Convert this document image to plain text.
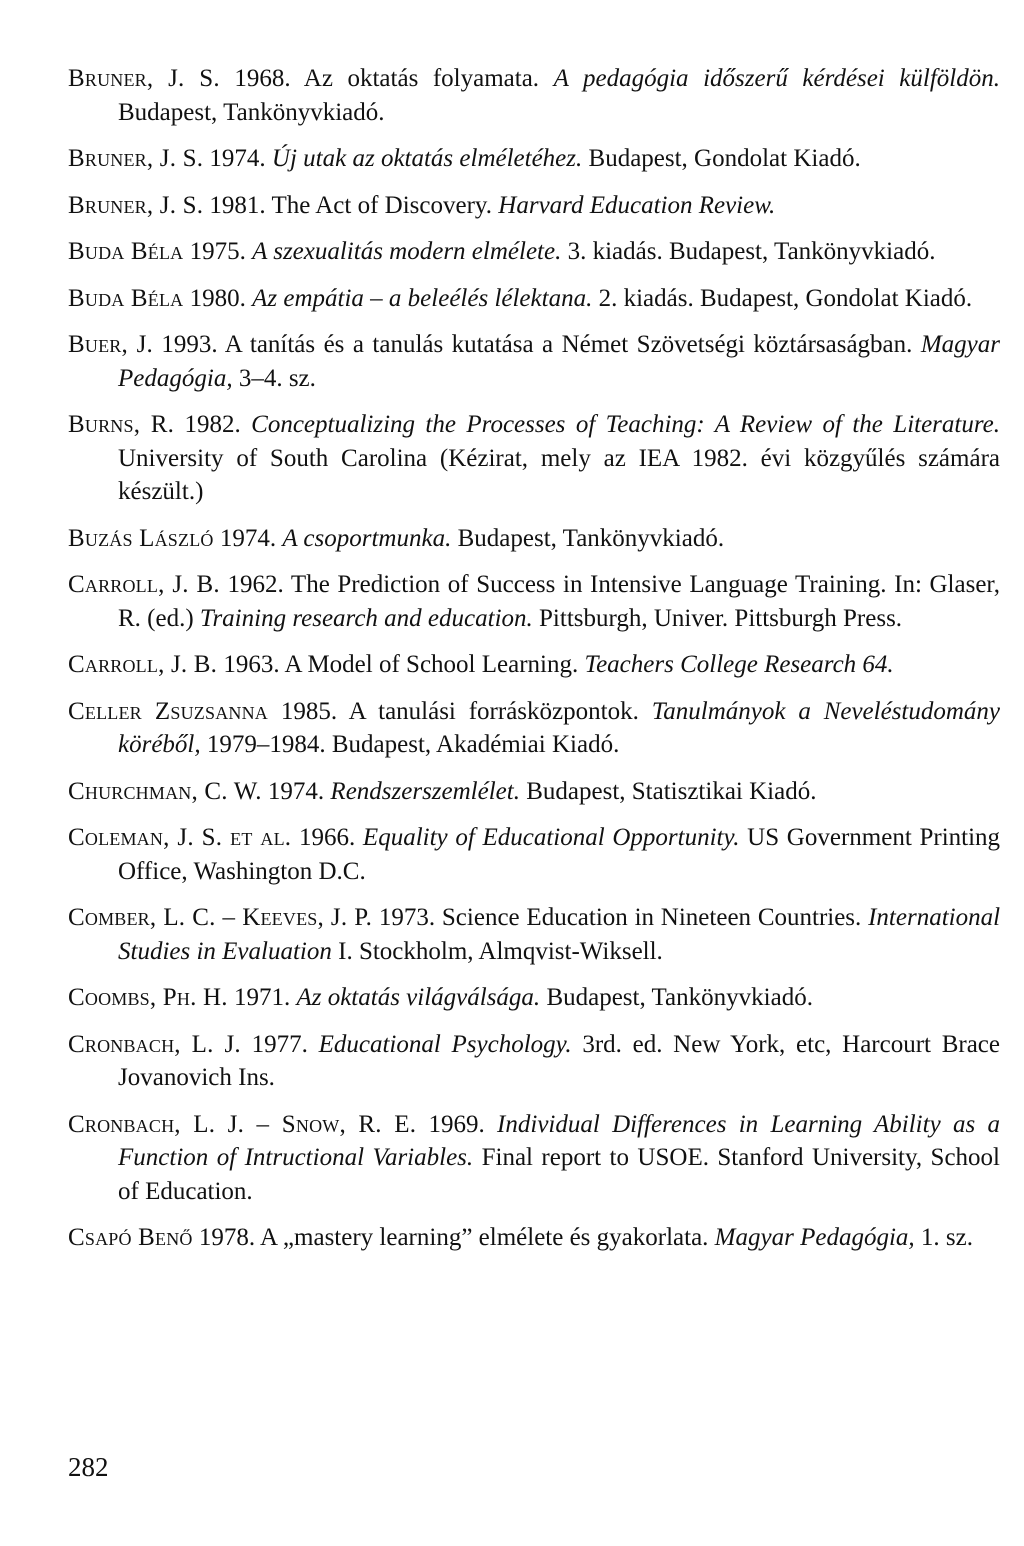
Bruner, J. S. 1968. Az oktatás folyamata. A pedagógia időszerű kérdései külföldön. Budapest, Tankönyvkiadó.

Bruner, J. S. 1974. Új utak az oktatás elméletéhez. Budapest, Gondolat Kiadó.

Bruner, J. S. 1981. The Act of Discovery. Harvard Education Review.

Buda Béla 1975. A szexualitás modern elmélete. 3. kiadás. Budapest, Tankönyvkiadó.

Buda Béla 1980. Az empátia – a beleélés lélektana. 2. kiadás. Budapest, Gondolat Kiadó.

Buer, J. 1993. A tanítás és a tanulás kutatása a Német Szövetségi köztársaságban. Magyar Pedagógia, 3–4. sz.

Burns, R. 1982. Conceptualizing the Processes of Teaching: A Review of the Literature. University of South Carolina (Kézirat, mely az IEA 1982. évi közgyűlés számára készült.)

Buzás László 1974. A csoportmunka. Budapest, Tankönyvkiadó.

Carroll, J. B. 1962. The Prediction of Success in Intensive Language Training. In: Glaser, R. (ed.) Training research and education. Pittsburgh, Univer. Pittsburgh Press.

Carroll, J. B. 1963. A Model of School Learning. Teachers College Research 64.

Celler Zsuzsanna 1985. A tanulási forrásközpontok. Tanulmányok a Neveléstudomány köréből, 1979–1984. Budapest, Akadémiai Kiadó.

Churchman, C. W. 1974. Rendszerszemlélet. Budapest, Statisztikai Kiadó.

Coleman, J. S. et al. 1966. Equality of Educational Opportunity. US Government Printing Office, Washington D.C.

Comber, L. C. – Keeves, J. P. 1973. Science Education in Nineteen Countries. International Studies in Evaluation I. Stockholm, Almqvist-Wiksell.

Coombs, Ph. H. 1971. Az oktatás világválsága. Budapest, Tankönyvkiadó.

Cronbach, L. J. 1977. Educational Psychology. 3rd. ed. New York, etc, Harcourt Brace Jovanovich Ins.

Cronbach, L. J. – Snow, R. E. 1969. Individual Differences in Learning Ability as a Function of Intructional Variables. Final report to USOE. Stanford University, School of Education.

Csapó Benő 1978. A „mastery learning” elmélete és gyakorlata. Magyar Pedagógia, 1. sz.

282
